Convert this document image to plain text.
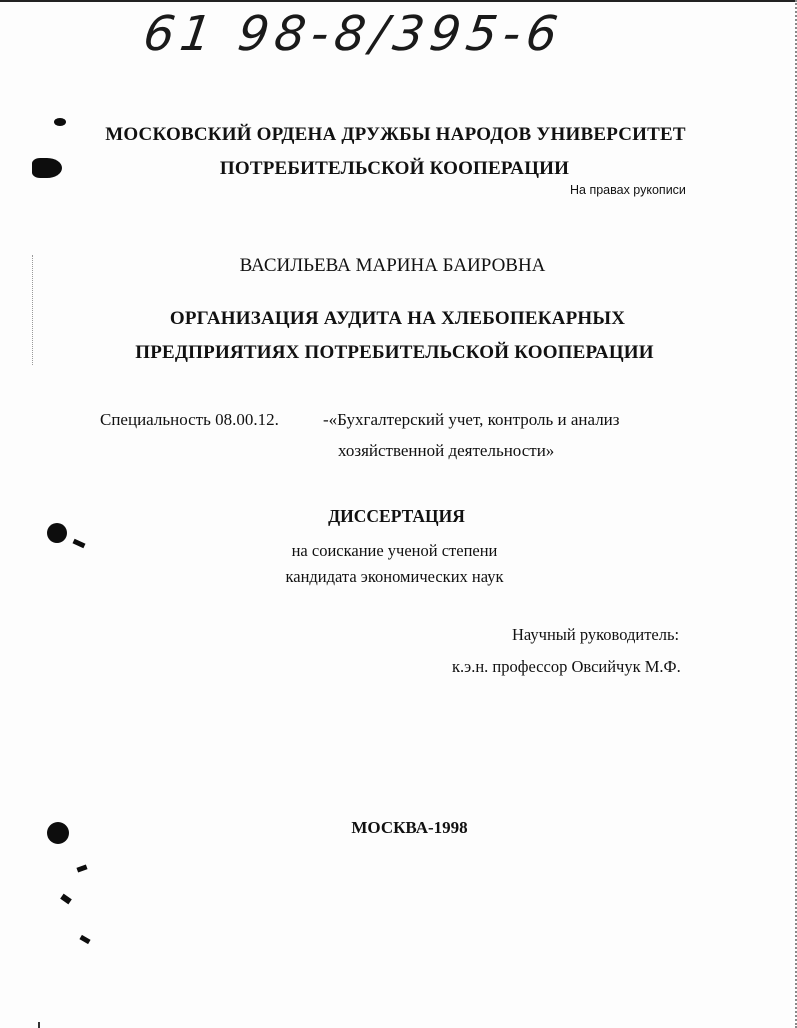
61 98-8/395-6
МОСКОВСКИЙ ОРДЕНА ДРУЖБЫ НАРОДОВ УНИВЕРСИТЕТ
ПОТРЕБИТЕЛЬСКОЙ КООПЕРАЦИИ
На правах рукописи
ВАСИЛЬЕВА МАРИНА БАИРОВНА
ОРГАНИЗАЦИЯ АУДИТА НА ХЛЕБОПЕКАРНЫХ
ПРЕДПРИЯТИЯХ ПОТРЕБИТЕЛЬСКОЙ КООПЕРАЦИИ
Специальность 08.00.12.	-«Бухгалтерский учет, контроль и анализ
хозяйственной деятельности»
ДИССЕРТАЦИЯ
на соискание ученой степени
кандидата экономических наук
Научный руководитель:
к.э.н. профессор Овсийчук М.Ф.
МОСКВА-1998
